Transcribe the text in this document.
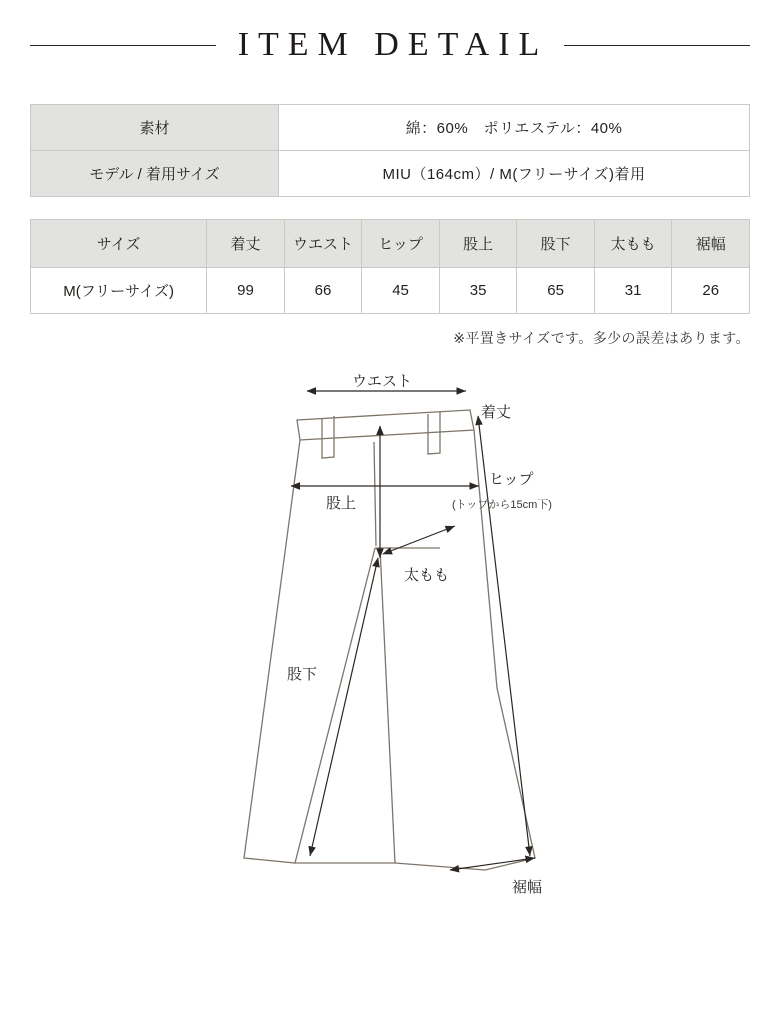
ITEM DETAIL
素材	綿：60%　ポリエステル：40%
モデル / 着用サイズ	MIU（164cm）/ M(フリーサイズ)着用
サイズ	着丈	ウエスト	ヒップ	股上	股下	太もも	裾幅
M(フリーサイズ)	99	66	45	35	65	31	26
※平置きサイズです。多少の誤差はあります。
ウエスト
着丈
ヒップ
(トップから15cm下)
股上
太もも
股下
裾幅
